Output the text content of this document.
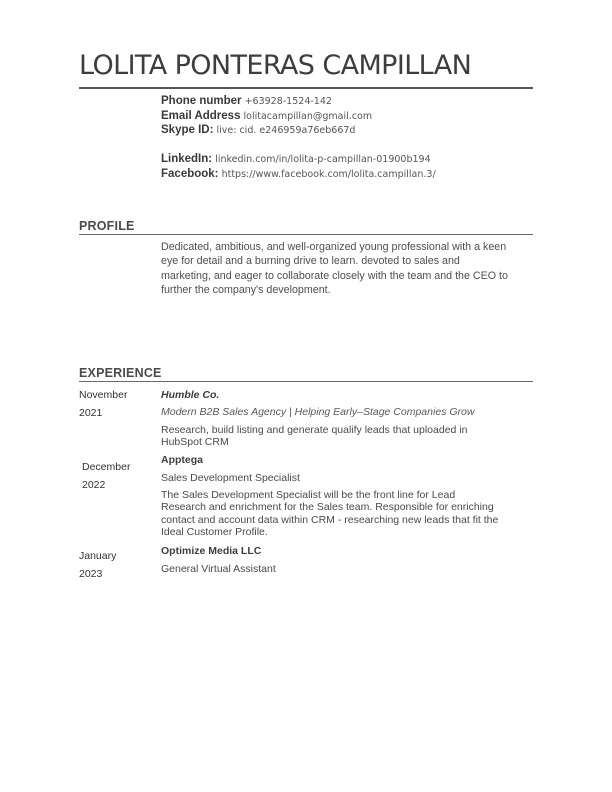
LOLITA PONTERAS CAMPILLAN
Phone number +63928-1524-142
Email Address lolitacampillan@gmail.com
Skype ID: live: cid. e246959a76eb667d
LinkedIn: linkedin.com/in/lolita-p-campillan-01900b194
Facebook: https://www.facebook.com/lolita.campillan.3/
PROFILE
Dedicated, ambitious, and well-organized young professional with a keen eye for detail and a burning drive to learn. devoted to sales and marketing, and eager to collaborate closely with the team and the CEO to further the company's development.
EXPERIENCE
November
2021
Humble Co.
Modern B2B Sales Agency | Helping Early–Stage Companies Grow
Research, build listing and generate qualify leads that uploaded in HubSpot CRM
December
2022
Apptega
Sales Development Specialist
The Sales Development Specialist will be the front line for Lead Research and enrichment for the Sales team. Responsible for enriching contact and account data within CRM - researching new leads that fit the Ideal Customer Profile.
January
2023
Optimize Media LLC
General Virtual Assistant
